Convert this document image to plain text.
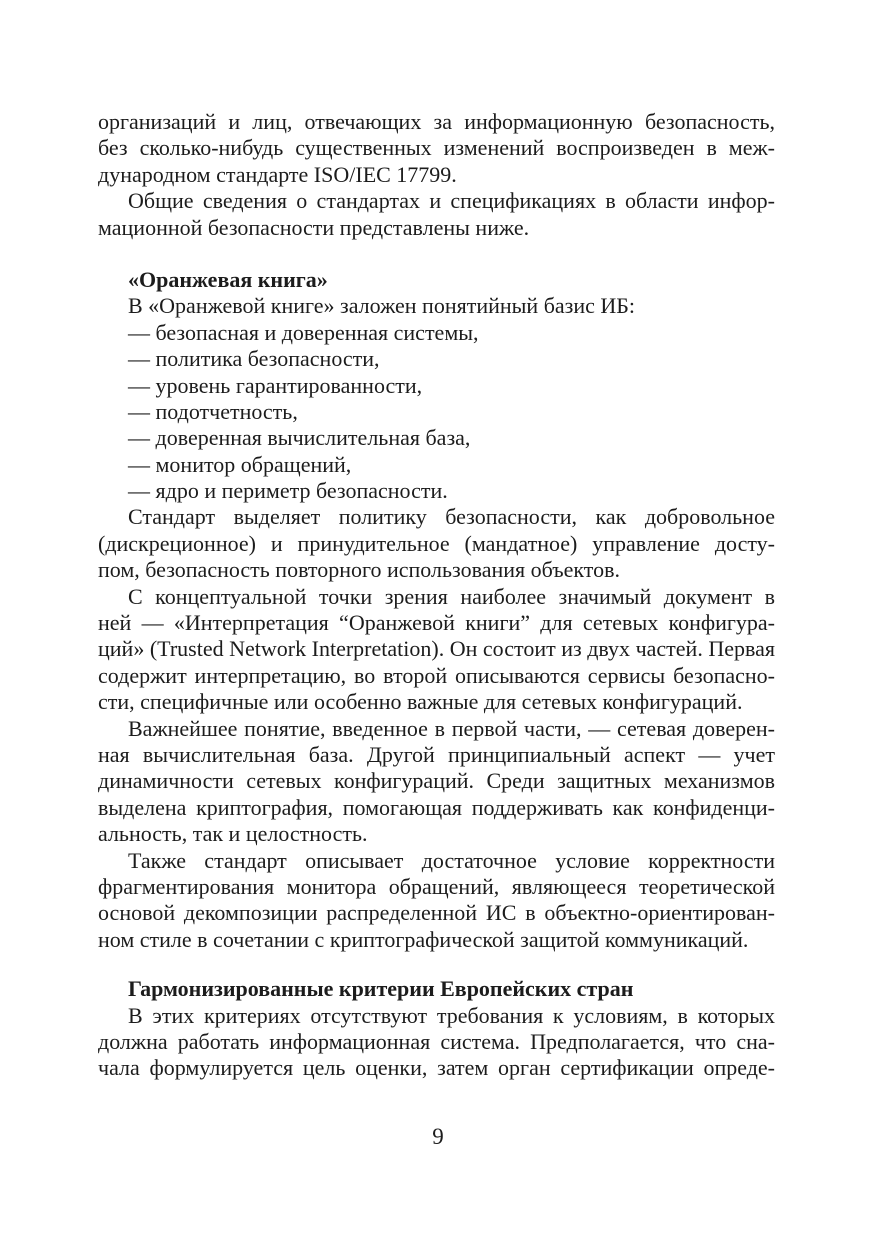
организаций и лиц, отвечающих за информационную безопасность,
без сколько-нибудь существенных изменений воспроизведен в меж-
дународном стандарте ISO/IEC 17799.
Общие сведения о стандартах и спецификациях в области инфор-
мационной безопасности представлены ниже.
«Оранжевая книга»
В «Оранжевой книге» заложен понятийный базис ИБ:
— безопасная и доверенная системы,
— политика безопасности,
— уровень гарантированности,
— подотчетность,
— доверенная вычислительная база,
— монитор обращений,
— ядро и периметр безопасности.
Стандарт выделяет политику безопасности, как добровольное
(дискреционное) и принудительное (мандатное) управление досту-
пом, безопасность повторного использования объектов.
С концептуальной точки зрения наиболее значимый документ в
ней — «Интерпретация “Оранжевой книги” для сетевых конфигура-
ций» (Trusted Network Interpretation). Он состоит из двух частей. Первая
содержит интерпретацию, во второй описываются сервисы безопасно-
сти, специфичные или особенно важные для сетевых конфигураций.
Важнейшее понятие, введенное в первой части, — сетевая доверен-
ная вычислительная база. Другой принципиальный аспект — учет
динамичности сетевых конфигураций. Среди защитных механизмов
выделена криптография, помогающая поддерживать как конфиденци-
альность, так и целостность.
Также стандарт описывает достаточное условие корректности
фрагментирования монитора обращений, являющееся теоретической
основой декомпозиции распределенной ИС в объектно-ориентирован-
ном стиле в сочетании с криптографической защитой коммуникаций.
Гармонизированные критерии Европейских стран
В этих критериях отсутствуют требования к условиям, в которых
должна работать информационная система. Предполагается, что сна-
чала формулируется цель оценки, затем орган сертификации опреде-
9
